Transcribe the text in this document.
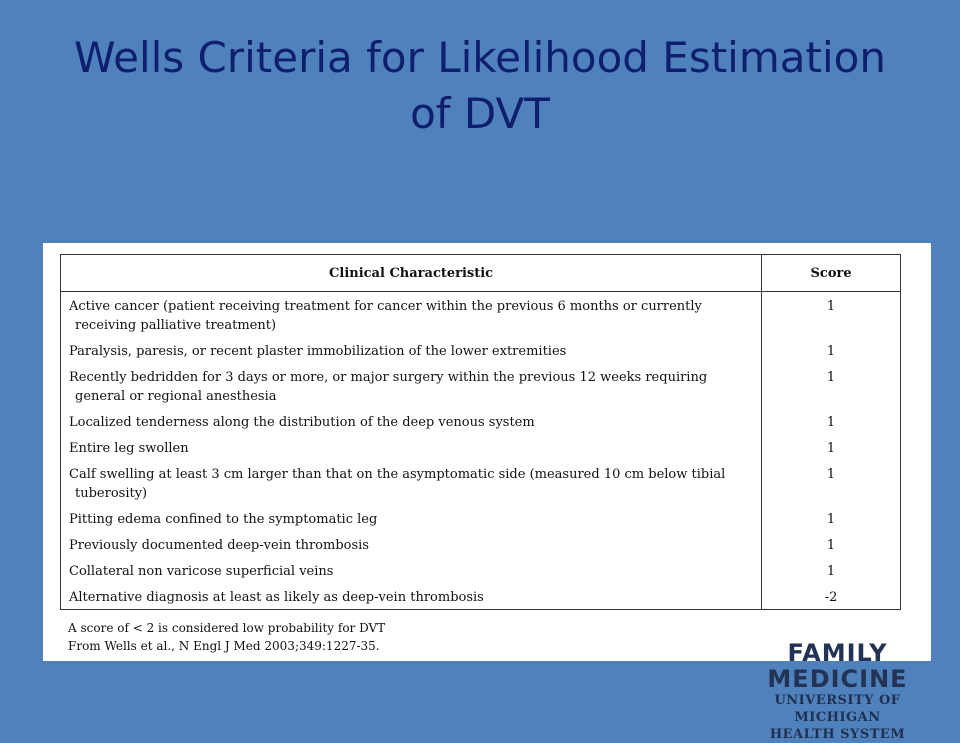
Wells Criteria for Likelihood Estimation
of DVT
Clinical Characteristic	Score

Active cancer (patient receiving treatment for cancer within the previous 6 months or currently receiving palliative treatment)	1

Paralysis, paresis, or recent plaster immobilization of the lower extremities	1

Recently bedridden for 3 days or more, or major surgery within the previous 12 weeks requiring general or regional anesthesia	1

Localized tenderness along the distribution of the deep venous system	1

Entire leg swollen	1

Calf swelling at least 3 cm larger than that on the asymptomatic side (measured 10 cm below tibial tuberosity)	1

Pitting edema confined to the symptomatic leg	1

Previously documented deep-vein thrombosis	1

Collateral non varicose superficial veins	1

Alternative diagnosis at least as likely as deep-vein thrombosis	-2
A score of < 2 is considered low probability for DVT
From Wells et al., N Engl J Med 2003;349:1227-35.	FAMILY MEDICINE
UNIVERSITY OF MICHIGAN
HEALTH SYSTEM
